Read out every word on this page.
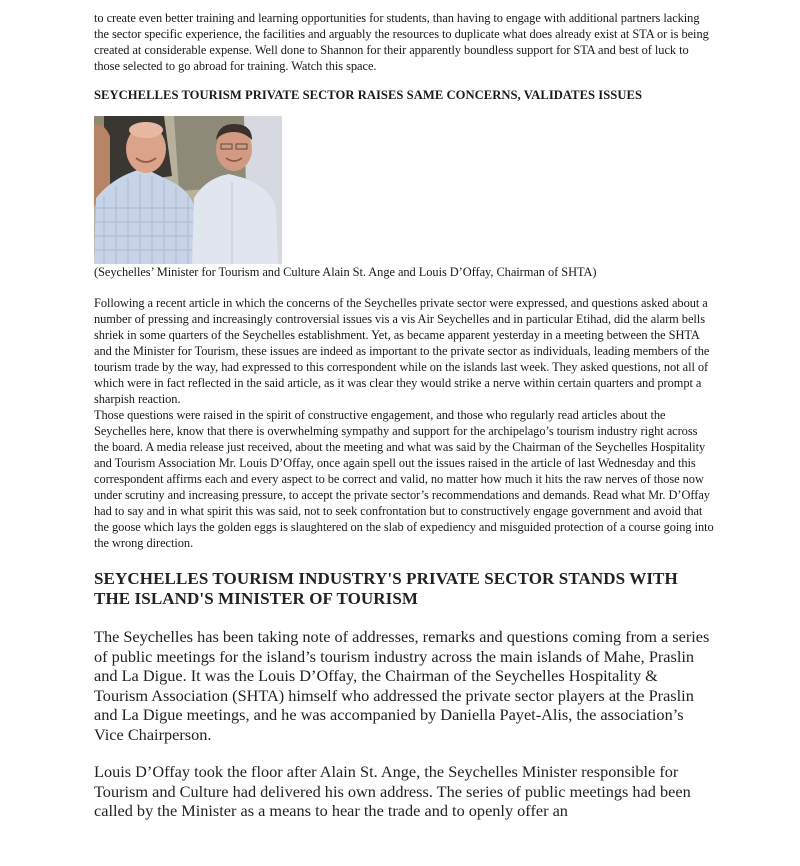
to create even better training and learning opportunities for students, than having to engage with additional partners lacking the sector specific experience, the facilities and arguably the resources to duplicate what does already exist at STA or is being created at considerable expense. Well done to Shannon for their apparently boundless support for STA and best of luck to those selected to go abroad for training. Watch this space.

SEYCHELLES TOURISM PRIVATE SECTOR RAISES SAME CONCERNS, VALIDATES ISSUES

(Seychelles’ Minister for Tourism and Culture Alain St. Ange and Louis D’Offay, Chairman of SHTA)

Following a recent article in which the concerns of the Seychelles private sector were expressed, and questions asked about a number of pressing and increasingly controversial issues vis a vis Air Seychelles and in particular Etihad, did the alarm bells shriek in some quarters of the Seychelles establishment. Yet, as became apparent yesterday in a meeting between the SHTA and the Minister for Tourism, these issues are indeed as important to the private sector as individuals, leading members of the tourism trade by the way, had expressed to this correspondent while on the islands last week. They asked questions, not all of which were in fact reflected in the said article, as it was clear they would strike a nerve within certain quarters and prompt a sharpish reaction.

Those questions were raised in the spirit of constructive engagement, and those who regularly read articles about the Seychelles here, know that there is overwhelming sympathy and support for the archipelago’s tourism industry right across the board. A media release just received, about the meeting and what was said by the Chairman of the Seychelles Hospitality and Tourism Association Mr. Louis D’Offay, once again spell out the issues raised in the article of last Wednesday and this correspondent affirms each and every aspect to be correct and valid, no matter how much it hits the raw nerves of those now under scrutiny and increasing pressure, to accept the private sector’s recommendations and demands. Read what Mr. D’Offay had to say and in what spirit this was said, not to seek confrontation but to constructively engage government and avoid that the goose which lays the golden eggs is slaughtered on the slab of expediency and misguided protection of a course going into the wrong direction.

SEYCHELLES TOURISM INDUSTRY'S PRIVATE SECTOR STANDS WITH THE ISLAND'S MINISTER OF TOURISM

The Seychelles has been taking note of addresses, remarks and questions coming from a series of public meetings for the island’s tourism industry across the main islands of Mahe, Praslin and La Digue. It was the Louis D’Offay, the Chairman of the Seychelles Hospitality & Tourism Association (SHTA) himself who addressed the private sector players at the Praslin and La Digue meetings, and he was accompanied by Daniella Payet-Alis, the association’s Vice Chairperson.

Louis D’Offay took the floor after Alain St. Ange, the Seychelles Minister responsible for Tourism and Culture had delivered his own address. The series of public meetings had been called by the Minister as a means to hear the trade and to openly offer an
